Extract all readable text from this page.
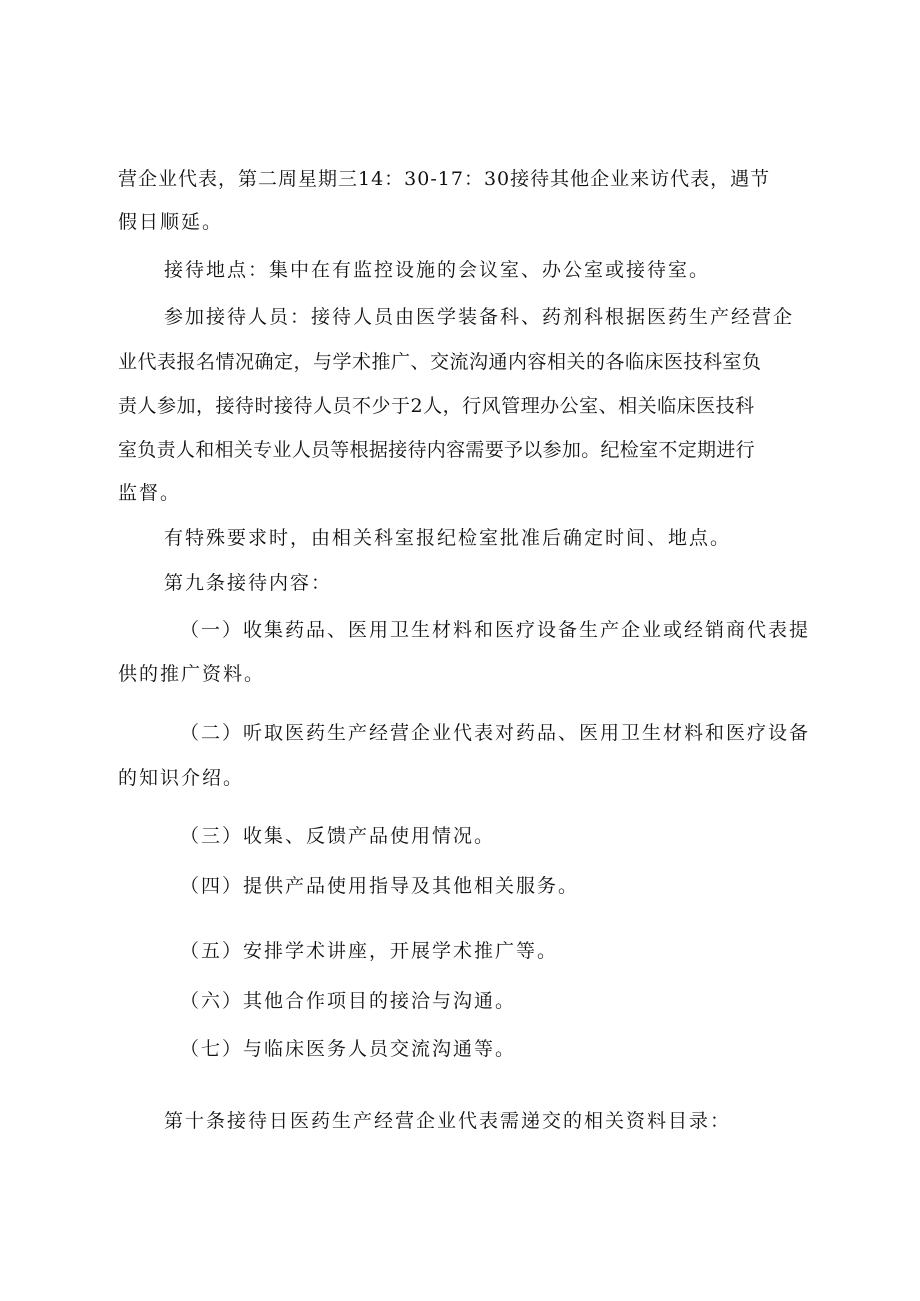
营企业代表，第二周星期三14：30-17：30接待其他企业来访代表，遇节

假日顺延。

接待地点：集中在有监控设施的会议室、办公室或接待室。

参加接待人员：接待人员由医学装备科、药剂科根据医药生产经营企

业代表报名情况确定，与学术推广、交流沟通内容相关的各临床医技科室负

责人参加，接待时接待人员不少于2人，行风管理办公室、相关临床医技科

室负责人和相关专业人员等根据接待内容需要予以参加。纪检室不定期进行

监督。

有特殊要求时，由相关科室报纪检室批准后确定时间、地点。

第九条接待内容：

（一）收集药品、医用卫生材料和医疗设备生产企业或经销商代表提

供的推广资料。

（二）听取医药生产经营企业代表对药品、医用卫生材料和医疗设备

的知识介绍。

（三）收集、反馈产品使用情况。

（四）提供产品使用指导及其他相关服务。

（五）安排学术讲座，开展学术推广等。

（六）其他合作项目的接洽与沟通。

（七）与临床医务人员交流沟通等。

第十条接待日医药生产经营企业代表需递交的相关资料目录：
